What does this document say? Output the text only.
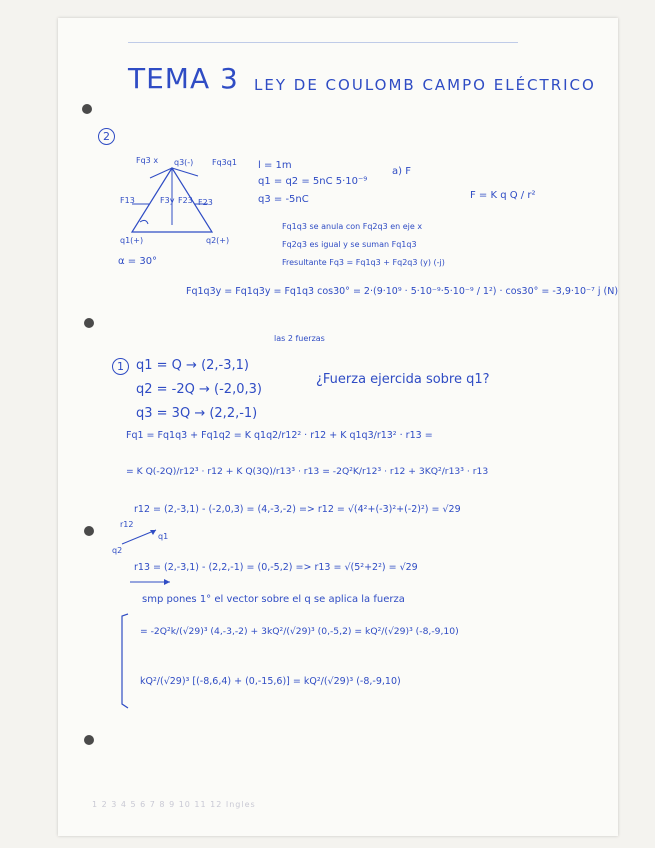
TEMA 3 LEY DE COULOMB CAMPO ELÉCTRICO
2
Fq3 x q3(-) Fq3q1
F13	F3y F23 F23
q1(+)	q2(+)
α = 30°
l = 1m
q1 = q2 = 5nC 5·10⁻⁹
q3 = -5nC
a) F
F = K q Q / r²
Fq1q3 se anula con Fq2q3 en eje x
Fq2q3 es igual y se suman Fq1q3
Fresultante Fq3 = Fq1q3 + Fq2q3 (y) (-j)
Fq1q3y = Fq1q3y = Fq1q3 cos30° = 2·(9·10⁹ · 5·10⁻⁹·5·10⁻⁹ / 1²) · cos30° = -3,9·10⁻⁷ j (N)
las 2 fuerzas
1 q1 = Q → (2,-3,1)
q2 = -2Q → (-2,0,3)
q3 = 3Q → (2,2,-1)
¿Fuerza ejercida sobre q1?
Fq1 = Fq1q3 + Fq1q2 = K q1q2/r12² · r12 + K q1q3/r13² · r13 =
= K Q(-2Q)/r12³ · r12 + K Q(3Q)/r13³ · r13 = -2Q²K/r12³ · r12 + 3KQ²/r13³ · r13
r12 = (2,-3,1) - (-2,0,3) = (4,-3,-2) => r12 = √(4²+(-3)²+(-2)²) = √29
r12
q1
q2
r13 = (2,-3,1) - (2,2,-1) = (0,-5,2) => r13 = √(5²+2²) = √29
smp pones 1° el vector sobre el q se aplica la fuerza
= -2Q²k/(√29)³ (4,-3,-2) + 3kQ²/(√29)³ (0,-5,2) = kQ²/(√29)³ (-8,-9,10)
kQ²/(√29)³ [(-8,6,4) + (0,-15,6)] = kQ²/(√29)³ (-8,-9,10)
1 2 3 4 5 6 7 8 9 10 11 12 Ingles
